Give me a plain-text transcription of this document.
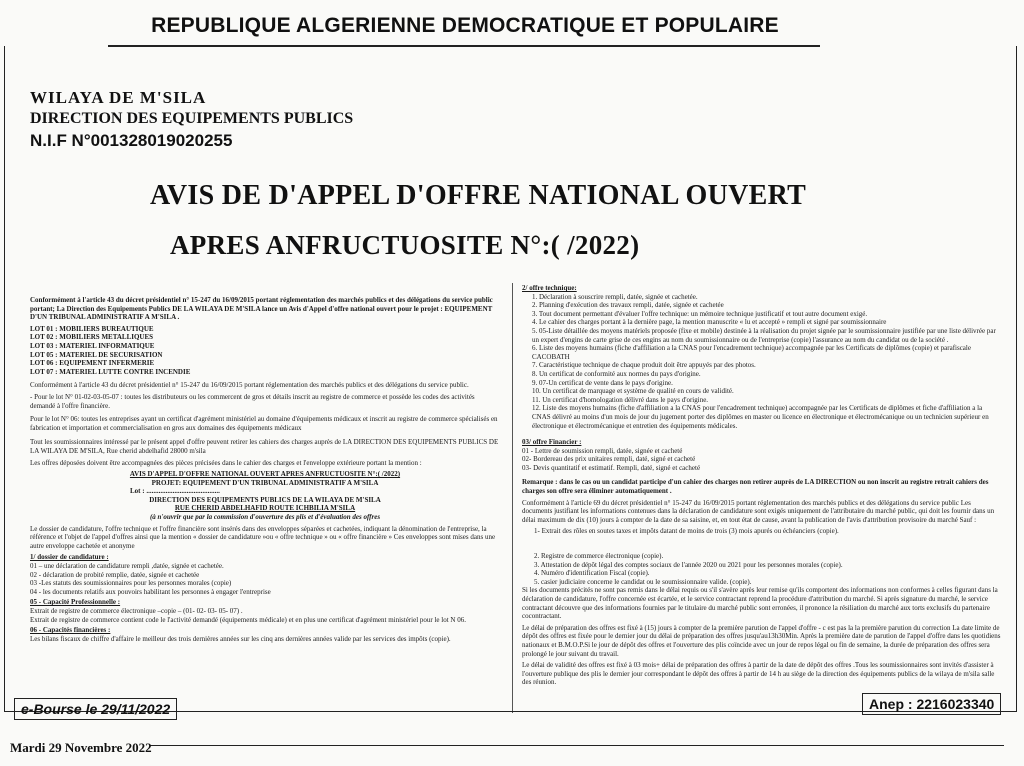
REPUBLIQUE ALGERIENNE DEMOCRATIQUE ET POPULAIRE
WILAYA DE M'SILA
DIRECTION DES EQUIPEMENTS PUBLICS
N.I.F N°001328019020255
AVIS DE D'APPEL D'OFFRE NATIONAL OUVERT
APRES ANFRUCTUOSITE N°:( /2022)

Conformément à l'article 43 du décret présidentiel n° 15-247 du 16/09/2015 portant réglementation des marchés publics et des délégations du service public portant; La Direction des Equipements Publics DE LA WILAYA DE M'SILA lance un Avis d'Appel d'offre national ouvert pour le projet : EQUIPEMENT D'UN TRIBUNAL ADMINISTRATIF A M'SILA .

LOT 01 : MOBILIERS BUREAUTIQUE
LOT 02 : MOBILIERS METALLIQUES
LOT 03 : MATERIEL INFORMATIQUE
LOT 05 : MATERIEL DE SECURISATION
LOT 06 : EQUIPEMENT INFERMERIE
LOT 07 : MATERIEL LUTTE CONTRE INCENDIE

Conformément à l'article 43 du décret présidentiel n° 15-247 du 16/09/2015 portant réglementation des marchés publics et des délégations du service public.

- Pour le lot N° 01-02-03-05-07 : toutes les distributeurs ou les commercent de gros et détails inscrit au registre de commerce et possède les codes des activités demandé à l'offre financière.

Pour le lot N° 06: toutes les entreprises ayant un certificat d'agrément ministériel au domaine d'équipements médicaux et inscrit au registre de commerce spécialisés en fabrication et importation et commercialisation en gros aux domaines des équipements médicaux

Tout les soumissionnaires intéressé par le présent appel d'offre peuvent retirer les cahiers des charges auprès de LA DIRECTION DES EQUIPEMENTS PUBLICS DE LA WILAYA DE M'SILA, Rue cherid abdelhafid 28000 m'sila

Les offres déposées doivent être accompagnées des pièces précisées dans le cahier des charges et l'enveloppe extérieure portant la mention :

AVIS D'APPEL D'OFFRE NATIONAL OUVERT APRES ANFRUCTUOSITE N°:( /2022)
PROJET: EQUIPEMENT D'UN TRIBUNAL ADMINISTRATIF A M'SILA
Lot : ..........................................
DIRECTION DES EQUIPEMENTS PUBLICS DE LA WILAYA DE M'SILA
RUE CHERID ABDELHAFID ROUTE ICHBILIA M'SILA
(à n'ouvrir que par la commission d'ouverture des plis et d'évaluation des offres

Le dossier de candidature, l'offre technique et l'offre financière sont insérés dans des enveloppes séparées et cachetées, indiquant la dénomination de l'entreprise, la référence et l'objet de l'appel d'offres ainsi que la mention « dossier de candidature »ou « offre technique » ou « offre financière » Ces enveloppes sont mises dans une autre enveloppe cachetée et anonyme

1/ dossier de candidature :
01 – une déclaration de candidature rempli ,datée, signée et cachetée.
02 - déclaration de probité remplie, datée, signée et cachetée
03 -Les statuts des soumissionnaires pour les personnes morales (copie)
04 - les documents relatifs aux pouvoirs habilitant les personnes à engager l'entreprise
05 - Capacité Professionnelle :
Extrait de registre de commerce électronique –copie – (01- 02- 03- 05- 07) .
Extrait de registre de commerce contient code le l'activité demandé (équipements médicale) et en plus une certificat d'agrément ministériel pour le lot N 06.
06 - Capacités financières :

Les bilans fiscaux de chiffre d'affaire le meilleur des trois dernières années sur les cinq ans dernières années valide par les services des impôts (copie).

2/ offre technique:
1. Déclaration à souscrire rempli, datée, signée et cachetée.
2. Planning d'exécution des travaux rempli, datée, signée et cachetée
3. Tout document permettant d'évaluer l'offre technique: un mémoire technique justificatif et tout autre document exigé.
4. Le cahier des charges portant à la dernière page, la mention manuscrite « lu et accepté » rempli et signé par soumissionnaire
5. 05-Liste détaillée des moyens matériels proposée (fixe et mobile) destinée à la réalisation du projet signée par le soumissionnaire justifiée par une liste délivrée par un expert d'engins de carte grise de ces engins au nom du soumissionnaire ou de l'entreprise (copie) l'assurance au nom du candidat ou de la société .
6. Liste des moyens humains (fiche d'affiliation a la CNAS pour l'encadrement technique) accompagnée par les Certificats de diplômes (copie) et parafiscale CACOBATH
7. Caractéristique technique de chaque produit doit être appuyés par des photos.
8. Un certificat de conformité aux normes du pays d'origine.
9. 07-Un certificat de vente dans le pays d'origine.
10. Un certificat de marquage et système de qualité en cours de validité.
11. Un certificat d'homologation délivré dans le pays d'origine.
12. Liste des moyens humains (fiche d'affiliation a la CNAS pour l'encadrement technique) accompagnée par les Certificats de diplômes et fiche d'affiliation a la CNAS délivré au moins d'un mois de jour du jugement porter des diplômes en master ou licence en électronique et électromécanique ou un technicien supérieur en électronique et électromécanique et entretien des équipements médicales.
03/ offre Financier :
01 - Lettre de soumission rempli, datée, signée et cacheté
02- Bordereau des prix unitaires rempli, daté, signé et cacheté
03- Devis quantitatif et estimatif. Rempli, daté, signé et cacheté

Remarque : dans le cas ou un candidat participe d'un cahier des charges non retirer auprès de LA DIRECTION ou non inscrit au registre retrait cahiers des charges son offre sera éliminer automatiquement .

Conformément à l'article 69 du décret présidentiel n° 15-247 du 16/09/2015 portant réglementation des marchés publics et des délégations du service public Les documents justifiant les informations contenues dans la déclaration de candidature sont exigés uniquement de l'attributaire du marché public, qui doit les fournir dans un délai maximum de dix (10) jours à compter de la date de sa saisine, et, en tout état de cause, avant la publication de l'avis d'attribution provisoire du marché Sauf :

1- Extrait des rôles en soutes taxes et impôts datant de moins de trois (3) mois apurés ou échéanciers (copie).

2. Registre de commerce électronique (copie).
3. Attestation de dépôt légal des comptes sociaux de l'année 2020 ou 2021 pour les personnes morales (copie).
4. Numéro d'identification Fiscal (copie).
5. casier judiciaire concerne le candidat ou le soumissionnaire valide. (copie).

Si les documents précités ne sont pas remis dans le délai requis ou s'il s'avère après leur remise qu'ils comportent des informations non conformes à celles figurant dans la déclaration de candidature, l'offre concernée est écartée, et le service contractant reprend la procédure d'attribution du marché. Si après signature du marché, le service contractant découvre que des informations fournies par le titulaire du marché public sont erronées, il prononce la résiliation du marché aux torts exclusifs du partenaire cocontractant.

Le délai de préparation des offres est fixé à (15) jours à compter de la première parution de l'appel d'offre - c est pas la la première parution du correction La date limite de dépôt des offres est fixée pour le dernier jour du délai de préparation des offres jusqu'au13h30Min. Après la première date de parution de l'appel d'offre dans les quotidiens nationaux et B.M.O.P.Si le jour de dépôt des offres et l'ouverture des plis coïncide avec un jour de repos légal ou fin de semaine, la durée de préparation des offres sera prolongé le jour suivant du travail.

Le délai de validité des offres est fixé à 03 mois+ délai de préparation des offres à partir de la date de dépôt des offres .Tous les soumissionnaires sont invités d'assister à l'ouverture publique des plis le dernier jour correspondant le dépôt des offres à partir de 14 h au siège de la direction des équipements publics de la wilaya de m'sila salle des réunion.

e-Bourse le 29/11/2022	Anep : 2216023340
Mardi 29 Novembre 2022
